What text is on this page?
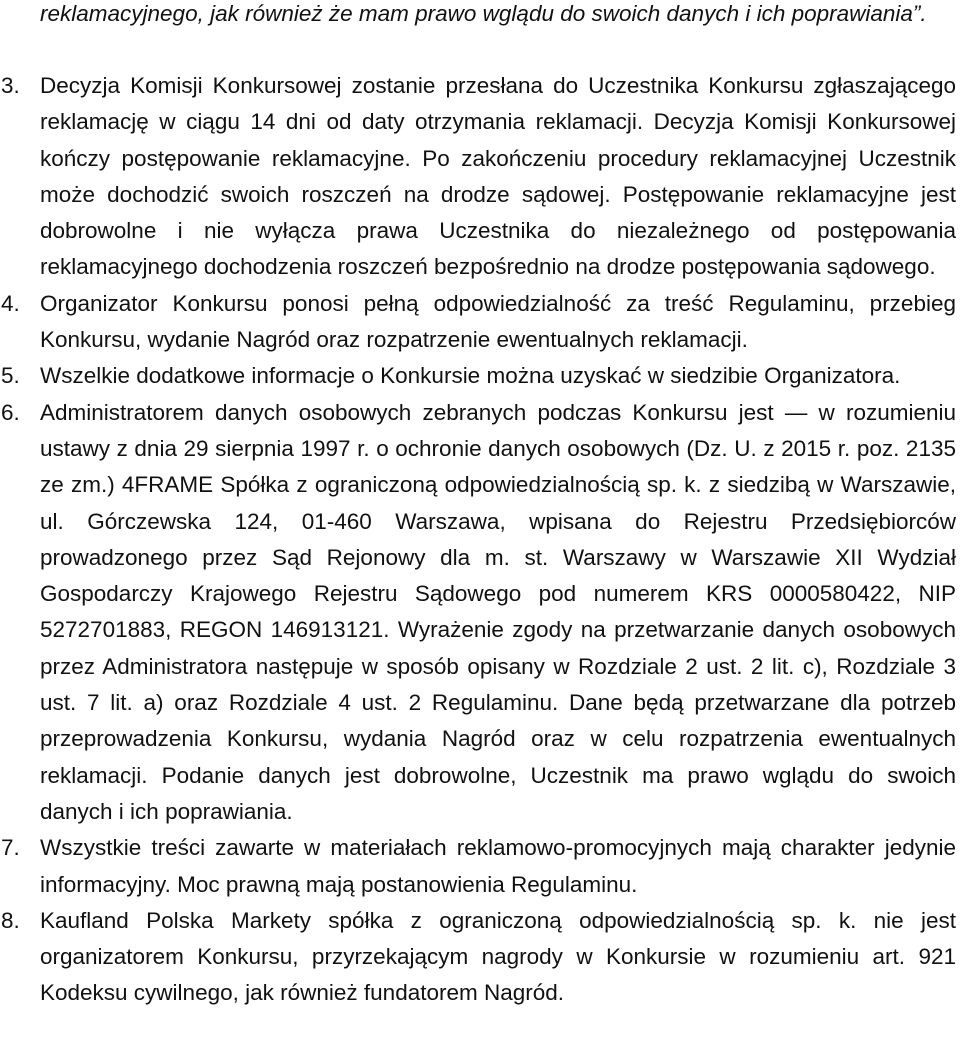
reklamacyjnego, jak również że mam prawo wglądu do swoich danych i ich poprawiania”.

3. Decyzja Komisji Konkursowej zostanie przesłana do Uczestnika Konkursu zgłaszającego reklamację w ciągu 14 dni od daty otrzymania reklamacji. Decyzja Komisji Konkursowej kończy postępowanie reklamacyjne. Po zakończeniu procedury reklamacyjnej Uczestnik może dochodzić swoich roszczeń na drodze sądowej. Postępowanie reklamacyjne jest dobrowolne i nie wyłącza prawa Uczestnika do niezależnego od postępowania reklamacyjnego dochodzenia roszczeń bezpośrednio na drodze postępowania sądowego.
4. Organizator Konkursu ponosi pełną odpowiedzialność za treść Regulaminu, przebieg Konkursu, wydanie Nagród oraz rozpatrzenie ewentualnych reklamacji.
5. Wszelkie dodatkowe informacje o Konkursie można uzyskać w siedzibie Organizatora.
6. Administratorem danych osobowych zebranych podczas Konkursu jest — w rozumieniu ustawy z dnia 29 sierpnia 1997 r. o ochronie danych osobowych (Dz. U. z 2015 r. poz. 2135 ze zm.) 4FRAME Spółka z ograniczoną odpowiedzialnością sp. k. z siedzibą w Warszawie, ul. Górczewska 124, 01-460 Warszawa, wpisana do Rejestru Przedsiębiorców prowadzonego przez Sąd Rejonowy dla m. st. Warszawy w Warszawie XII Wydział Gospodarczy Krajowego Rejestru Sądowego pod numerem KRS 0000580422, NIP 5272701883, REGON 146913121. Wyrażenie zgody na przetwarzanie danych osobowych przez Administratora następuje w sposób opisany w Rozdziale 2 ust. 2 lit. c), Rozdziale 3 ust. 7 lit. a) oraz Rozdziale 4 ust. 2 Regulaminu. Dane będą przetwarzane dla potrzeb przeprowadzenia Konkursu, wydania Nagród oraz w celu rozpatrzenia ewentualnych reklamacji. Podanie danych jest dobrowolne, Uczestnik ma prawo wglądu do swoich danych i ich poprawiania.
7. Wszystkie treści zawarte w materiałach reklamowo-promocyjnych mają charakter jedynie informacyjny. Moc prawną mają postanowienia Regulaminu.
8. Kaufland Polska Markety spółka z ograniczoną odpowiedzialnością sp. k. nie jest organizatorem Konkursu, przyrzekającym nagrody w Konkursie w rozumieniu art. 921 Kodeksu cywilnego, jak również fundatorem Nagród.
